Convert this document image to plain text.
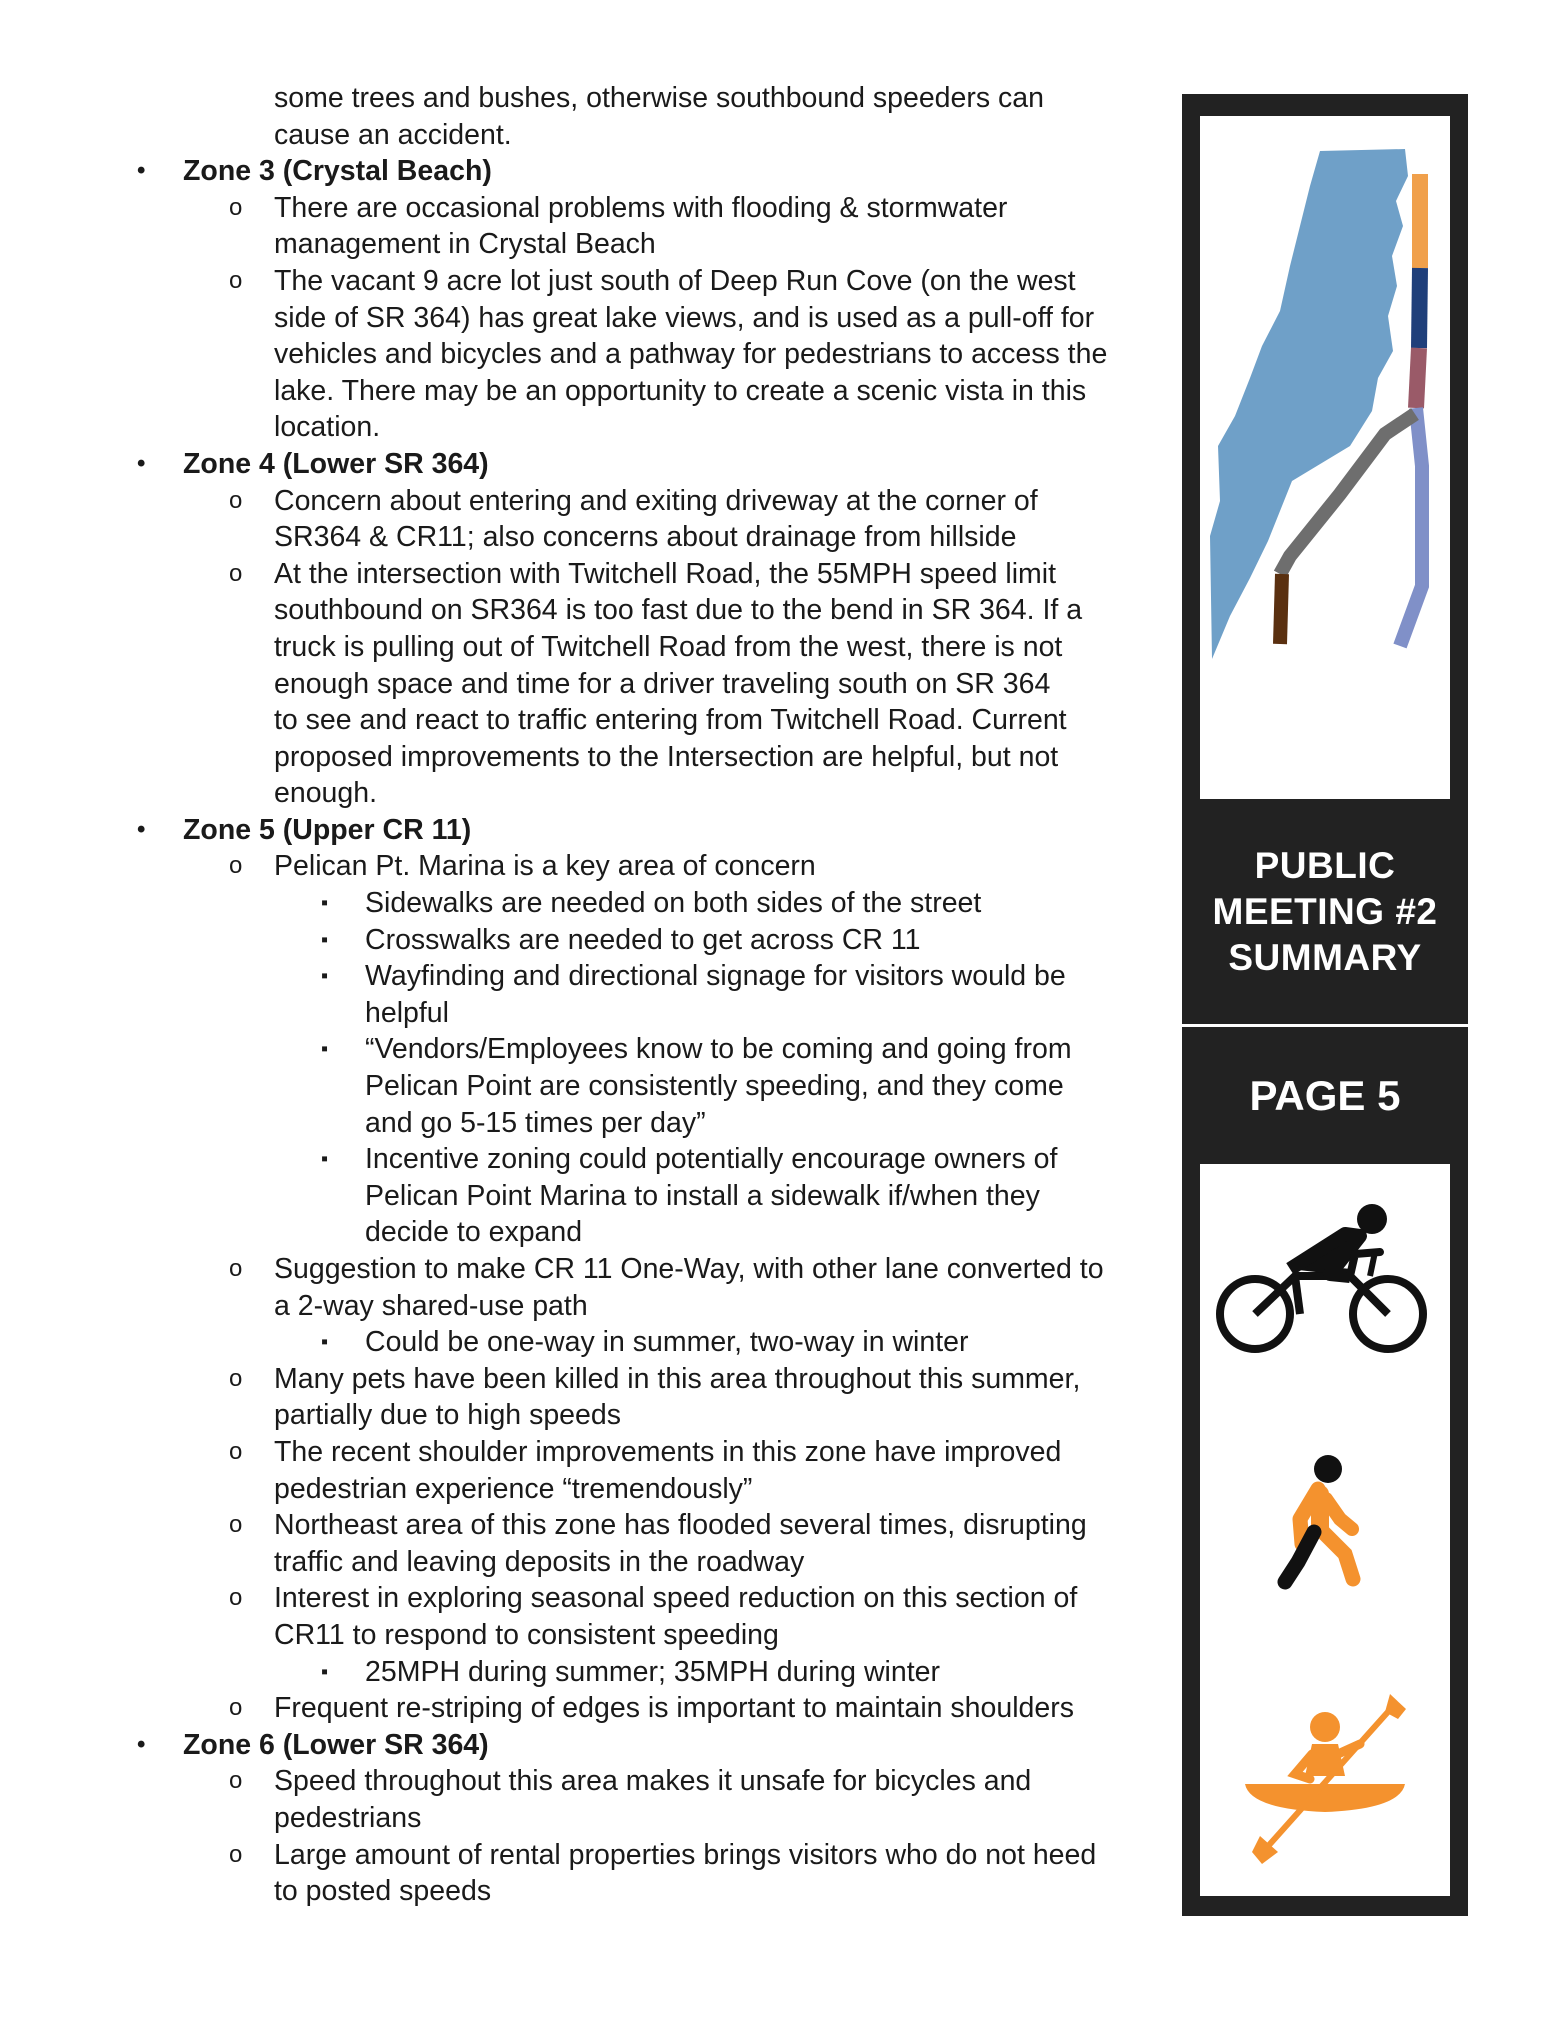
some trees and bushes, otherwise southbound speeders can
cause an accident.
• Zone 3 (Crystal Beach)
o There are occasional problems with flooding & stormwater
management in Crystal Beach
o The vacant 9 acre lot just south of Deep Run Cove (on the west
side of SR 364) has great lake views, and is used as a pull-off for
vehicles and bicycles and a pathway for pedestrians to access the
lake. There may be an opportunity to create a scenic vista in this
location.
• Zone 4 (Lower SR 364)
o Concern about entering and exiting driveway at the corner of
SR364 & CR11; also concerns about drainage from hillside
o At the intersection with Twitchell Road, the 55MPH speed limit
southbound on SR364 is too fast due to the bend in SR 364. If a
truck is pulling out of Twitchell Road from the west, there is not
enough space and time for a driver traveling south on SR 364
to see and react to traffic entering from Twitchell Road. Current
proposed improvements to the Intersection are helpful, but not
enough.
• Zone 5 (Upper CR 11)
o Pelican Pt. Marina is a key area of concern
▪ Sidewalks are needed on both sides of the street
▪ Crosswalks are needed to get across CR 11
▪ Wayfinding and directional signage for visitors would be
helpful
▪ “Vendors/Employees know to be coming and going from
Pelican Point are consistently speeding, and they come
and go 5-15 times per day”
▪ Incentive zoning could potentially encourage owners of
Pelican Point Marina to install a sidewalk if/when they
decide to expand
o Suggestion to make CR 11 One-Way, with other lane converted to
a 2-way shared-use path
▪ Could be one-way in summer, two-way in winter
o Many pets have been killed in this area throughout this summer,
partially due to high speeds
o The recent shoulder improvements in this zone have improved
pedestrian experience “tremendously”
o Northeast area of this zone has flooded several times, disrupting
traffic and leaving deposits in the roadway
o Interest in exploring seasonal speed reduction on this section of
CR11 to respond to consistent speeding
▪ 25MPH during summer; 35MPH during winter
o Frequent re-striping of edges is important to maintain shoulders
• Zone 6 (Lower SR 364)
o Speed throughout this area makes it unsafe for bicycles and
pedestrians
o Large amount of rental properties brings visitors who do not heed
to posted speeds
PUBLIC
MEETING #2
SUMMARY
PAGE 5
